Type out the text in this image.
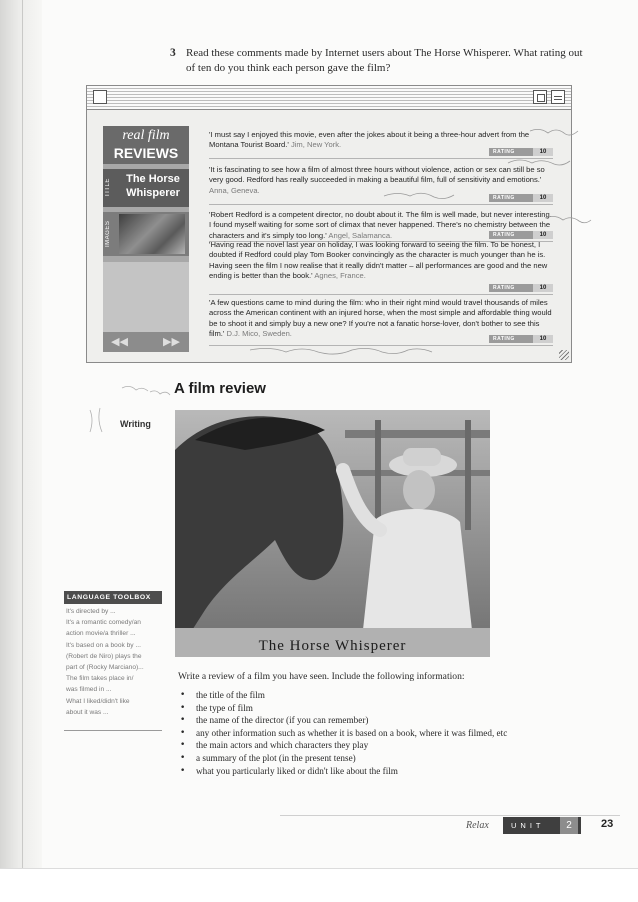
3 Read these comments made by Internet users about The Horse Whisperer. What rating out of ten do you think each person gave the film?
real film
REVIEWS
TITLE	The Horse Whisperer
IMAGES
◀◀	▶▶
'I must say I enjoyed this movie, even after the jokes about it being a three-hour advert from the Montana Tourist Board.' Jim, New York.
RATING	10
'It is fascinating to see how a film of almost three hours without violence, action or sex can still be so very good. Redford has really succeeded in making a beautiful film, full of sensitivity and emotions.' Anna, Geneva.
RATING	10
'Robert Redford is a competent director, no doubt about it. The film is well made, but never interesting. I found myself waiting for some sort of climax that never happened. There's no chemistry between the characters and it's simply too long.' Angel, Salamanca.	RATING	10
'Having read the novel last year on holiday, I was looking forward to seeing the film. To be honest, I doubted if Redford could play Tom Booker convincingly as the character is much younger than he is. Having seen the film I now realise that it really didn't matter – all performances are good and the new ending is better than the book.' Agnes, France.
RATING	10
'A few questions came to mind during the film: who in their right mind would travel thousands of miles across the American continent with an injured horse, when the most simple and affordable thing would be to shoot it and simply buy a new one? If you're not a fanatic horse-lover, don't bother to see this film.' D.J. Mico, Sweden.
RATING	10
A film review
Writing
The Horse Whisperer
LANGUAGE TOOLBOX
It's directed by ...
It's a romantic comedy/an
action movie/a thriller ...
It's based on a book by ...
(Robert de Niro) plays the
part of (Rocky Marciano)...
The film takes place in/
was filmed in ...
What I liked/didn't like
about it was ...
Write a review of a film you have seen. Include the following information:
• the title of the film
• the type of film
• the name of the director (if you can remember)
• any other information such as whether it is based on a book, where it was filmed, etc
• the main actors and which characters they play
• a summary of the plot (in the present tense)
• what you particularly liked or didn't like about the film
Relax	UNIT	2	23
